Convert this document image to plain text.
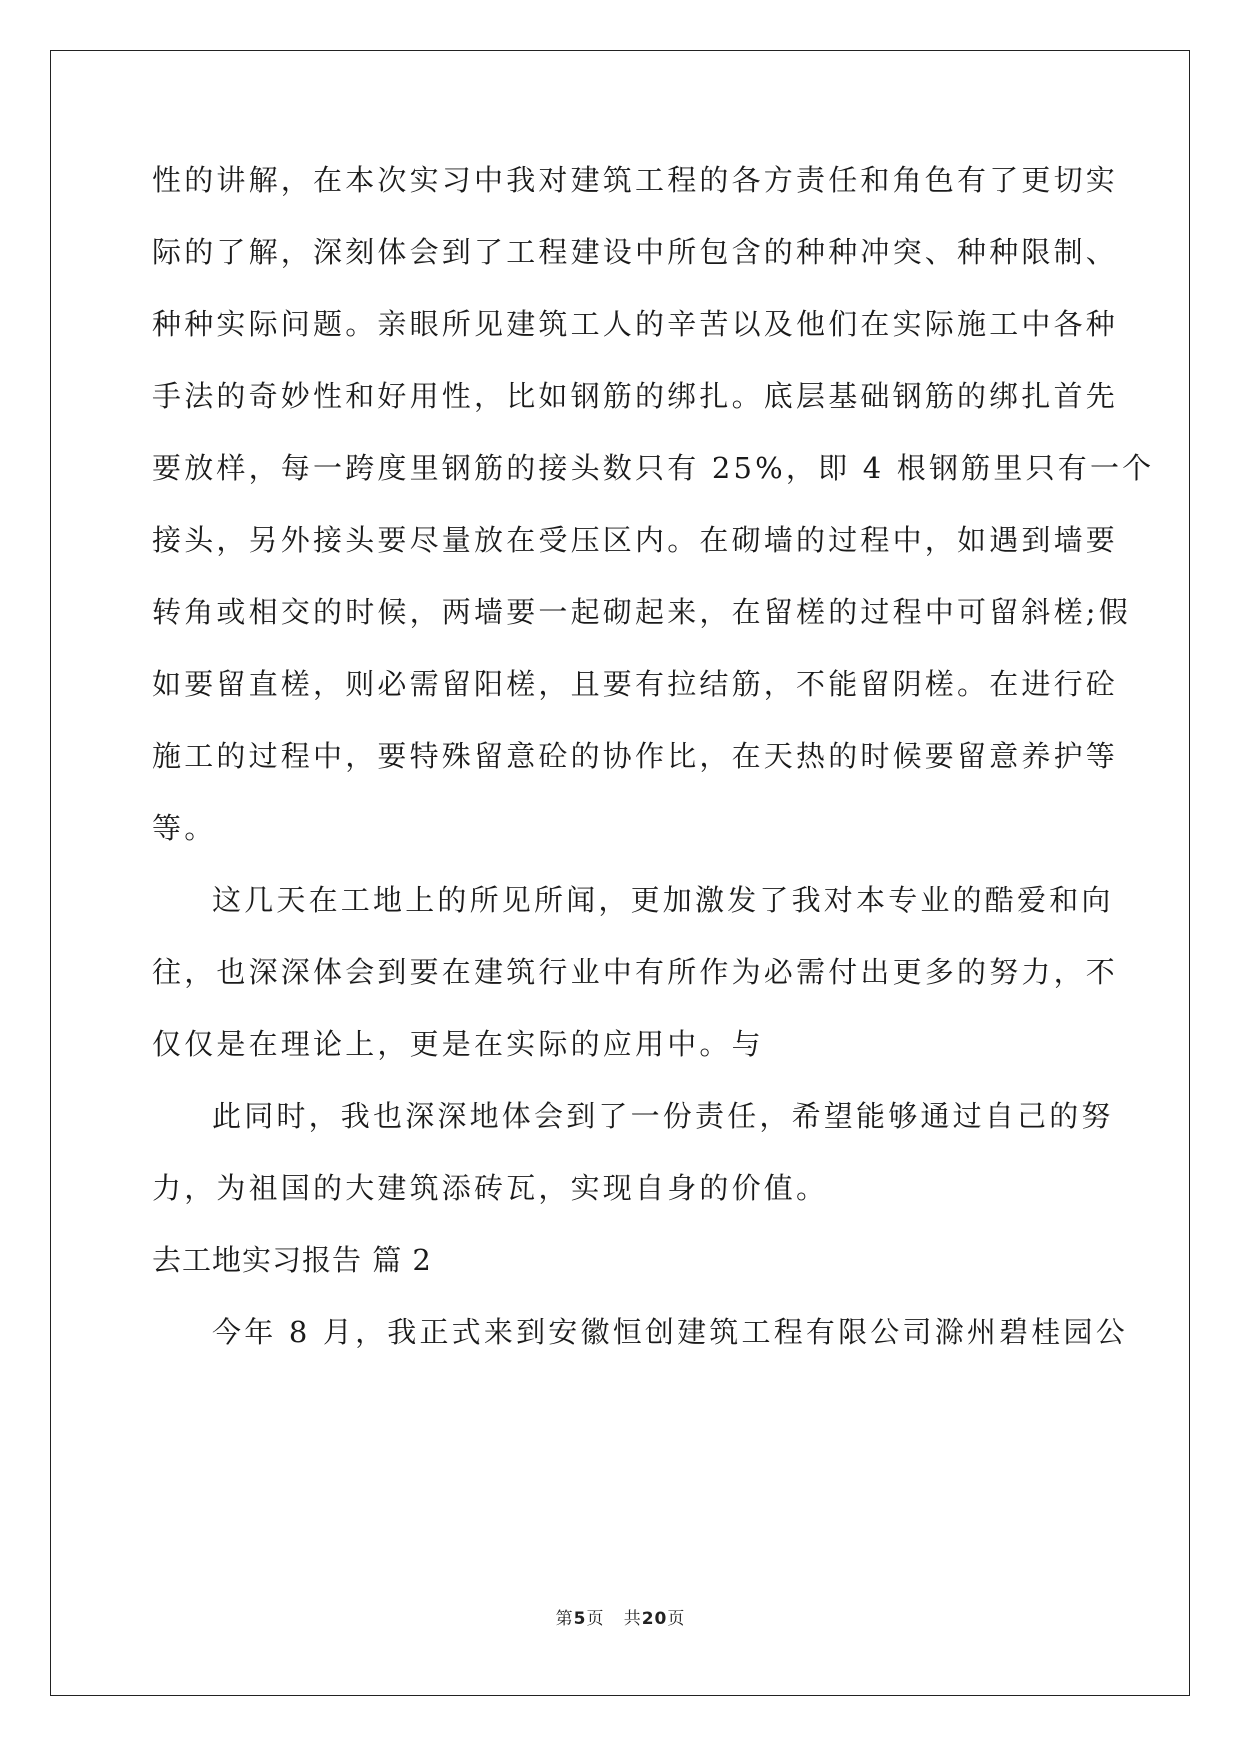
性的讲解，在本次实习中我对建筑工程的各方责任和角色有了更切实
际的了解，深刻体会到了工程建设中所包含的种种冲突、种种限制、
种种实际问题。亲眼所见建筑工人的辛苦以及他们在实际施工中各种
手法的奇妙性和好用性，比如钢筋的绑扎。底层基础钢筋的绑扎首先
要放样，每一跨度里钢筋的接头数只有 25%，即 4 根钢筋里只有一个
接头，另外接头要尽量放在受压区内。在砌墙的过程中，如遇到墙要
转角或相交的时候，两墙要一起砌起来，在留槎的过程中可留斜槎;假
如要留直槎，则必需留阳槎，且要有拉结筋，不能留阴槎。在进行砼
施工的过程中，要特殊留意砼的协作比，在天热的时候要留意养护等
等。
这几天在工地上的所见所闻，更加激发了我对本专业的酷爱和向
往，也深深体会到要在建筑行业中有所作为必需付出更多的努力，不
仅仅是在理论上，更是在实际的应用中。与
此同时，我也深深地体会到了一份责任，希望能够通过自己的努
力，为祖国的大建筑添砖瓦，实现自身的价值。
去工地实习报告 篇 2
今年 8 月，我正式来到安徽恒创建筑工程有限公司滁州碧桂园公
第5页 共20页
